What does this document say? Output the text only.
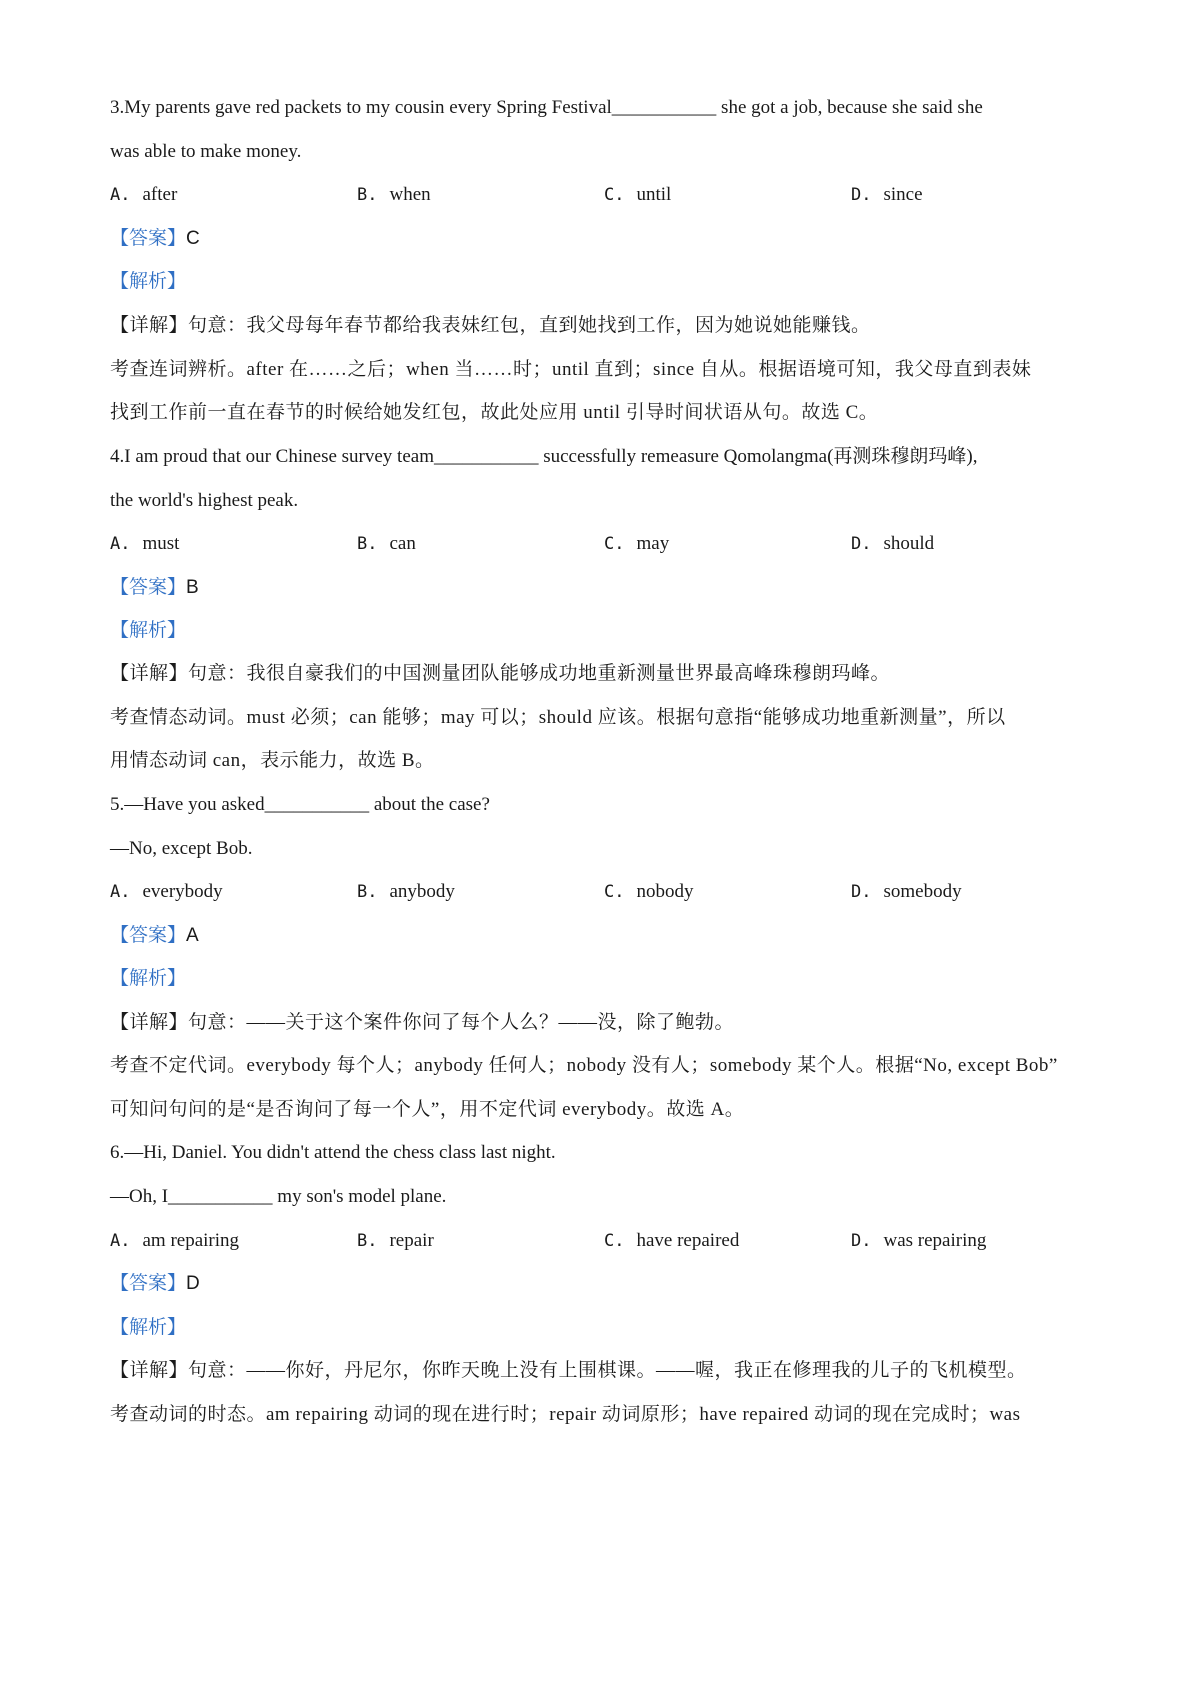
3.My parents gave red packets to my cousin every Spring Festival___________ she got a job, because she said she
was able to make money.
A. after	B. when	C. until	D. since
【答案】C
【解析】
【详解】句意：我父母每年春节都给我表妹红包，直到她找到工作，因为她说她能赚钱。
考查连词辨析。after 在……之后；when 当……时；until 直到；since 自从。根据语境可知，我父母直到表妹
找到工作前一直在春节的时候给她发红包，故此处应用 until 引导时间状语从句。故选 C。
4.I am proud that our Chinese survey team___________ successfully remeasure Qomolangma(再测珠穆朗玛峰),
the world's highest peak.
A. must	B. can	C. may	D. should
【答案】B
【解析】
【详解】句意：我很自豪我们的中国测量团队能够成功地重新测量世界最高峰珠穆朗玛峰。
考查情态动词。must 必须；can 能够；may 可以；should 应该。根据句意指“能够成功地重新测量”，所以
用情态动词 can，表示能力，故选 B。
5.—Have you asked___________ about the case?
—No, except Bob.
A. everybody	B. anybody	C. nobody	D. somebody
【答案】A
【解析】
【详解】句意：——关于这个案件你问了每个人么？——没，除了鲍勃。
考查不定代词。everybody 每个人；anybody 任何人；nobody 没有人；somebody 某个人。根据“No, except Bob”
可知问句问的是“是否询问了每一个人”，用不定代词 everybody。故选 A。
6.—Hi, Daniel. You didn't attend the chess class last night.
—Oh, I___________ my son's model plane.
A. am repairing	B. repair	C. have repaired	D. was repairing
【答案】D
【解析】
【详解】句意：——你好，丹尼尔，你昨天晚上没有上围棋课。——喔，我正在修理我的儿子的飞机模型。
考查动词的时态。am repairing 动词的现在进行时；repair 动词原形；have repaired 动词的现在完成时；was
